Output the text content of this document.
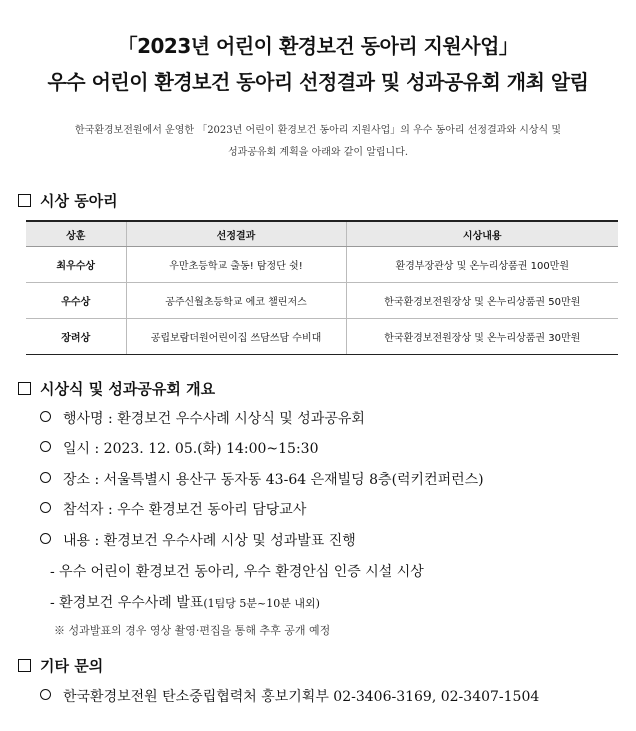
「2023년 어린이 환경보건 동아리 지원사업」
우수 어린이 환경보건 동아리 선정결과 및 성과공유회 개최 알림
한국환경보전원에서 운영한 「2023년 어린이 환경보건 동아리 지원사업」의 우수 동아리 선정결과와 시상식 및
성과공유회 계획을 아래와 같이 알립니다.
시상 동아리
상훈	선정결과	시상내용
최우수상	우만초등학교 출동! 탐정단 쉿!	환경부장관상 및 온누리상품권 100만원
우수상	공주신월초등학교 에코 챌린저스	한국환경보전원장상 및 온누리상품권 50만원
장려상	공립보람더원어린이집 쓰담쓰담 수비대	한국환경보전원장상 및 온누리상품권 30만원
시상식 및 성과공유회 개요
행사명 : 환경보건 우수사례 시상식 및 성과공유회
일시 : 2023. 12. 05.(화) 14:00~15:30
장소 : 서울특별시 용산구 동자동 43-64 은재빌딩 8층(럭키컨퍼런스)
참석자 : 우수 환경보건 동아리 담당교사
내용 : 환경보건 우수사례 시상 및 성과발표 진행
- 우수 어린이 환경보건 동아리, 우수 환경안심 인증 시설 시상
- 환경보건 우수사례 발표(1팀당 5분~10분 내외)
※ 성과발표의 경우 영상 촬영·편집을 통해 추후 공개 예정
기타 문의
한국환경보전원 탄소중립협력처 홍보기획부 02-3406-3169, 02-3407-1504
